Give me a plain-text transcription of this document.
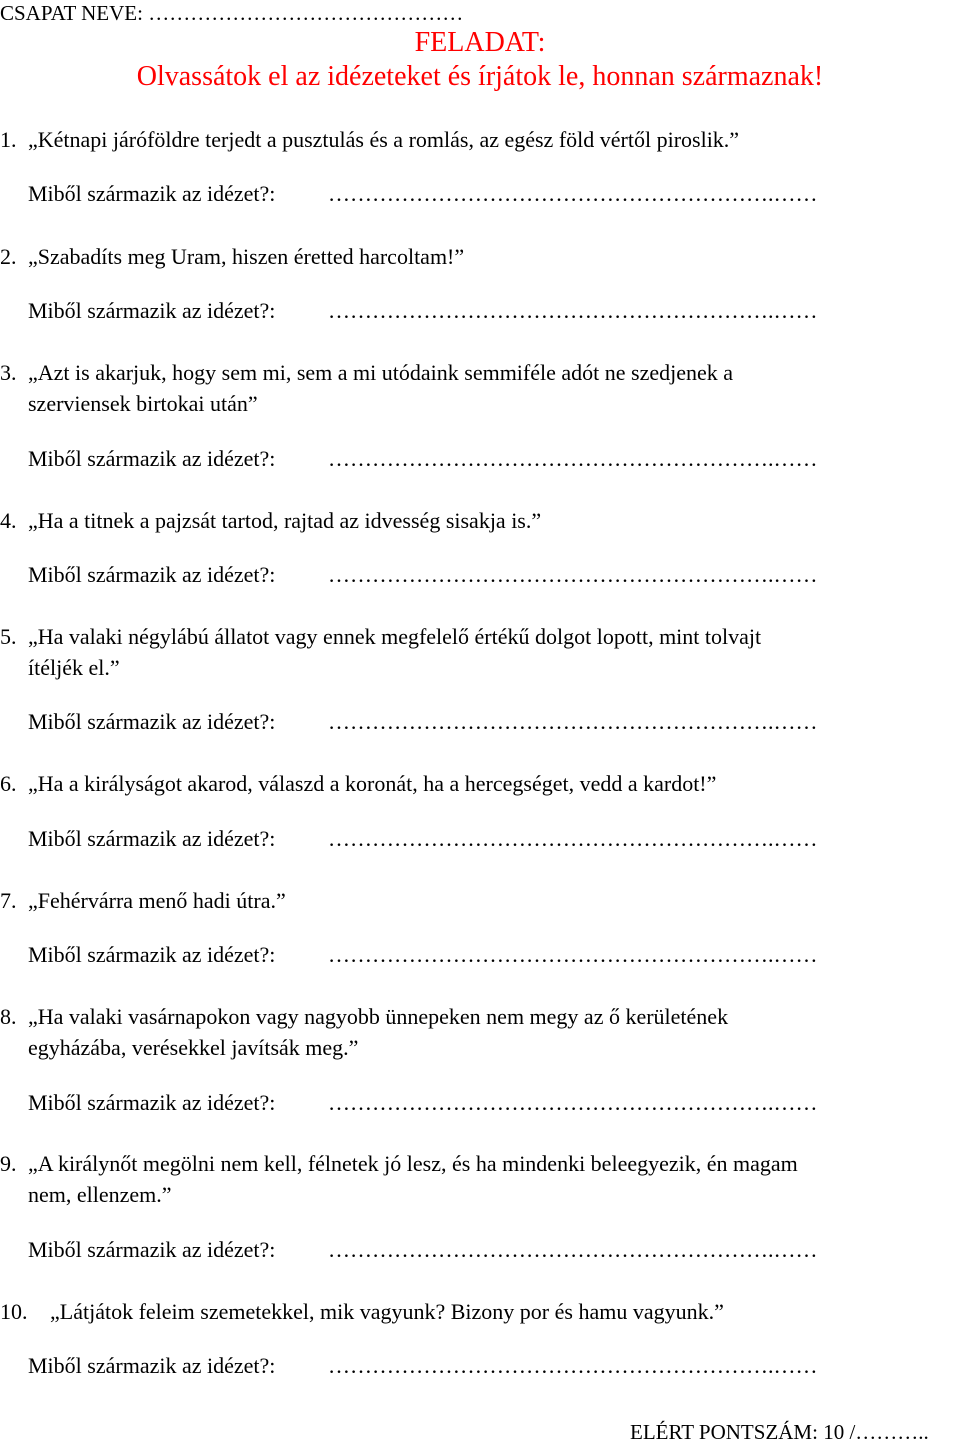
CSAPAT NEVE: ………………………………………
FELADAT:
Olvassátok el az idézeteket és írjátok le, honnan származnak!
1. „Kétnapi járóföldre terjedt a pusztulás és a romlás, az egész föld vértől piroslik.”
Miből származik az idézet?: …………………………………………………….……
2. „Szabadíts meg Uram, hiszen éretted harcoltam!”
Miből származik az idézet?: …………………………………………………….……
3. „Azt is akarjuk, hogy sem mi, sem a mi utódaink semmiféle adót ne szedjenek a
szerviensek birtokai után”
Miből származik az idézet?: …………………………………………………….……
4. „Ha a titnek a pajzsát tartod, rajtad az idvesség sisakja is.”
Miből származik az idézet?: …………………………………………………….……
5. „Ha valaki négylábú állatot vagy ennek megfelelő értékű dolgot lopott, mint tolvajt
ítéljék el.”
Miből származik az idézet?: …………………………………………………….……
6. „Ha a királyságot akarod, válaszd a koronát, ha a hercegséget, vedd a kardot!”
Miből származik az idézet?: …………………………………………………….……
7. „Fehérvárra menő hadi útra.”
Miből származik az idézet?: …………………………………………………….……
8. „Ha valaki vasárnapokon vagy nagyobb ünnepeken nem megy az ő kerületének
egyházába, verésekkel javítsák meg.”
Miből származik az idézet?: …………………………………………………….……
9. „A királynőt megölni nem kell, félnetek jó lesz, és ha mindenki beleegyezik, én magam
nem, ellenzem.”
Miből származik az idézet?: …………………………………………………….……
10. „Látjátok feleim szemetekkel, mik vagyunk? Bizony por és hamu vagyunk.”
Miből származik az idézet?: …………………………………………………….……
ELÉRT PONTSZÁM: 10 /………..
